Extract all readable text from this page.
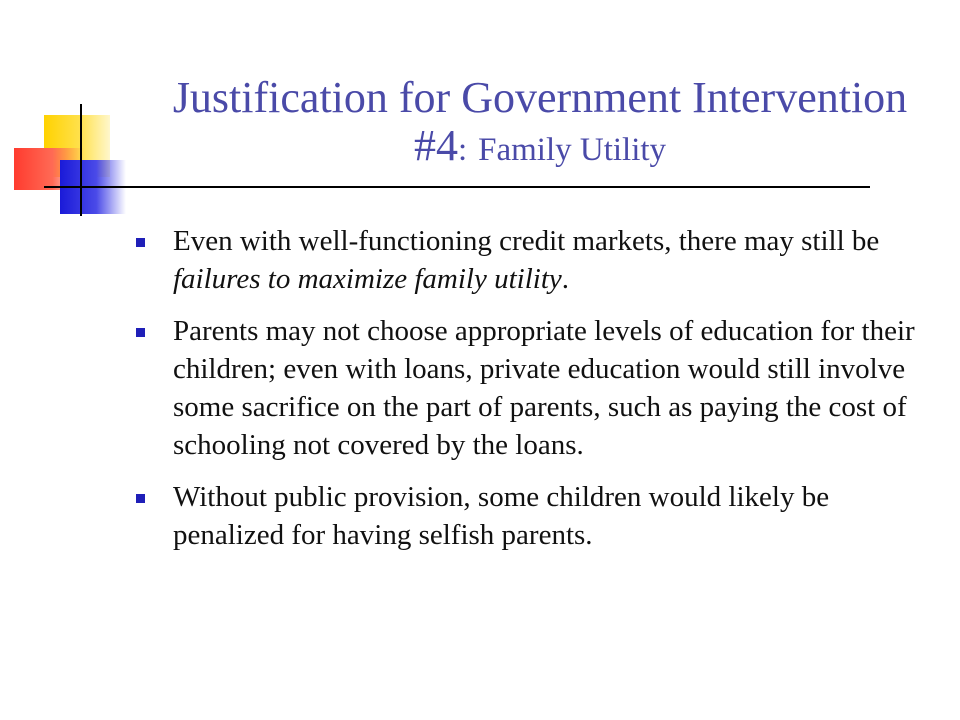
Justification for Government Intervention #4: Family Utility
Even with well-functioning credit markets, there may still be failures to maximize family utility.
Parents may not choose appropriate levels of education for their children; even with loans, private education would still involve some sacrifice on the part of parents, such as paying the cost of schooling not covered by the loans.
Without public provision, some children would likely be penalized for having selfish parents.
